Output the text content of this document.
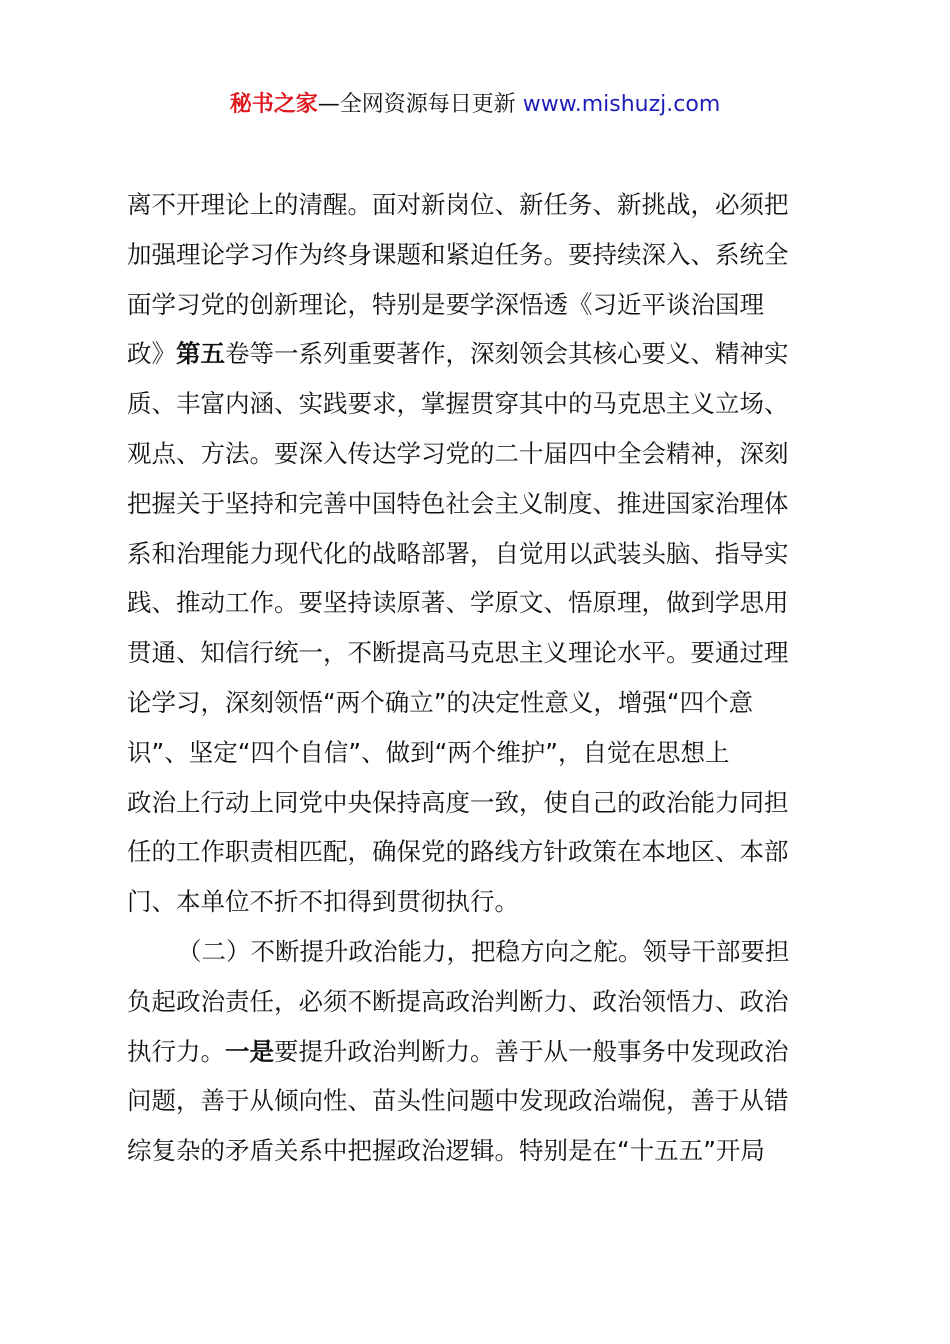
秘书之家—全网资源每日更新 www.mishuzj.com
离不开理论上的清醒。面对新岗位、新任务、新挑战，必须把
加强理论学习作为终身课题和紧迫任务。要持续深入、系统全
面学习党的创新理论，特别是要学深悟透《习近平谈治国理
政》第五卷等一系列重要著作，深刻领会其核心要义、精神实
质、丰富内涵、实践要求，掌握贯穿其中的马克思主义立场、
观点、方法。要深入传达学习党的二十届四中全会精神，深刻
把握关于坚持和完善中国特色社会主义制度、推进国家治理体
系和治理能力现代化的战略部署，自觉用以武装头脑、指导实
践、推动工作。要坚持读原著、学原文、悟原理，做到学思用
贯通、知信行统一，不断提高马克思主义理论水平。要通过理
论学习，深刻领悟“两个确立”的决定性意义，增强“四个意
识”、坚定“四个自信”、做到“两个维护”，自觉在思想上
政治上行动上同党中央保持高度一致，使自己的政治能力同担
任的工作职责相匹配，确保党的路线方针政策在本地区、本部
门、本单位不折不扣得到贯彻执行。
（二）不断提升政治能力，把稳方向之舵。领导干部要担
负起政治责任，必须不断提高政治判断力、政治领悟力、政治
执行力。一是要提升政治判断力。善于从一般事务中发现政治
问题，善于从倾向性、苗头性问题中发现政治端倪，善于从错
综复杂的矛盾关系中把握政治逻辑。特别是在“十五五”开局
